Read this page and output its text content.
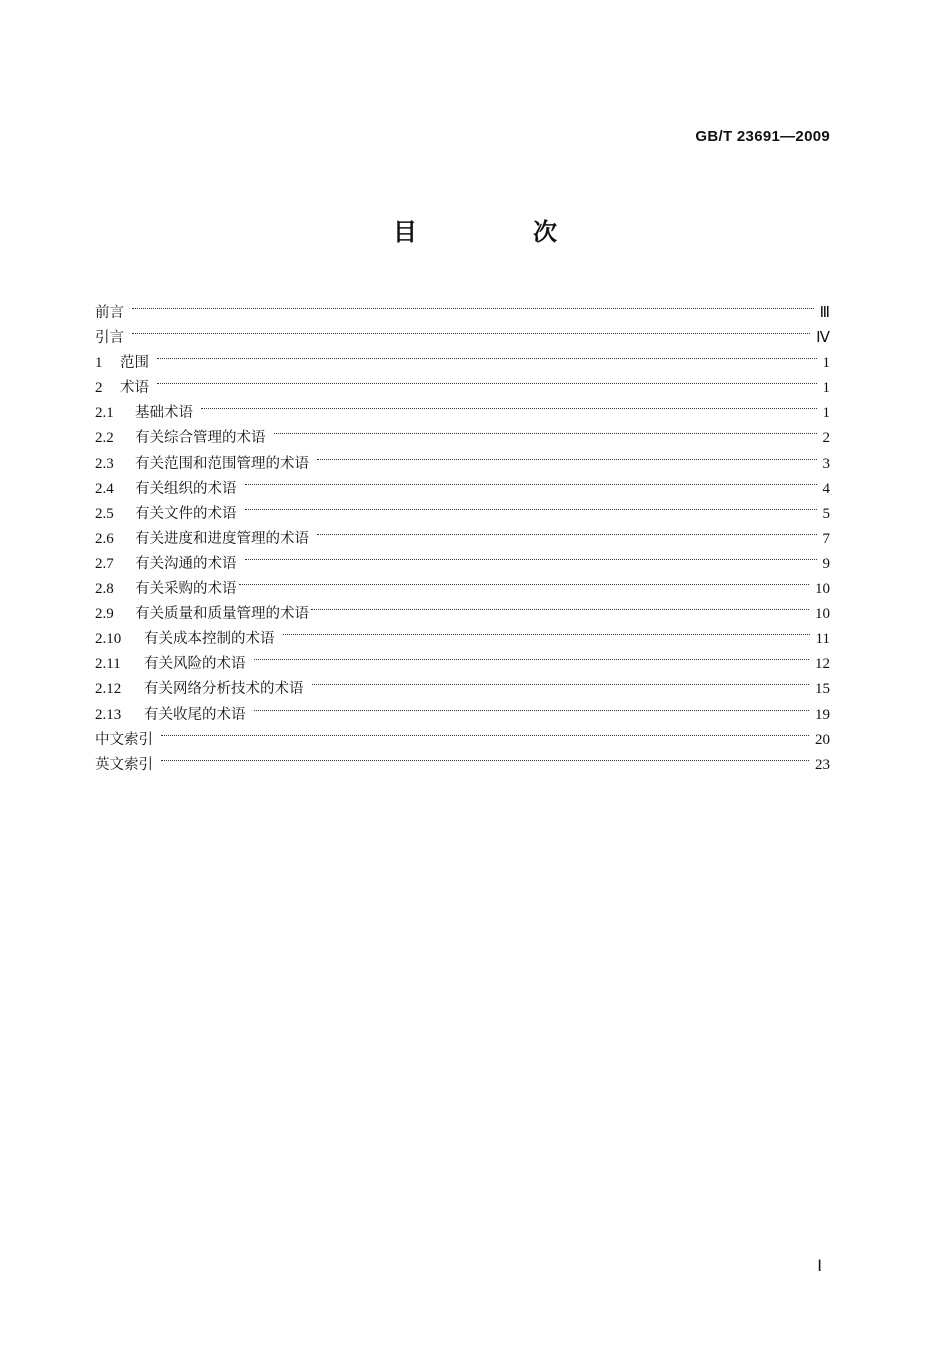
GB/T 23691—2009
目　次
前言	Ⅲ
引言	Ⅳ
1	范围	1
2	术语	1
2.1	基础术语	1
2.2	有关综合管理的术语	2
2.3	有关范围和范围管理的术语	3
2.4	有关组织的术语	4
2.5	有关文件的术语	5
2.6	有关进度和进度管理的术语	7
2.7	有关沟通的术语	9
2.8	有关采购的术语	10
2.9	有关质量和质量管理的术语	10
2.10	有关成本控制的术语	11
2.11	有关风险的术语	12
2.12	有关网络分析技术的术语	15
2.13	有关收尾的术语	19
中文索引	20
英文索引	23
Ⅰ
